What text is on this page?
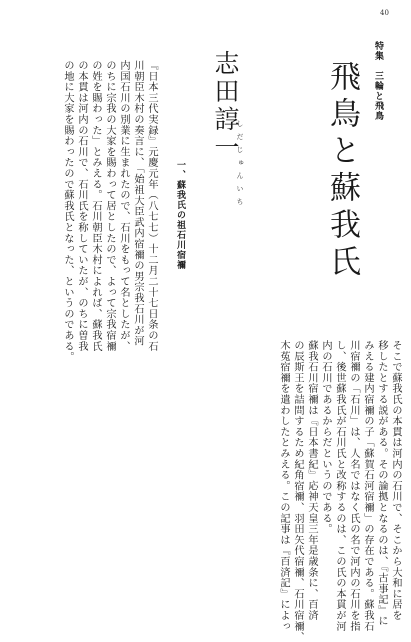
40
特集　三輪と飛鳥
飛鳥と蘇我氏
志田諄一
しだじゅんいち
一、蘇我氏の祖石川宿禰

『日本三代実録』元慶元年（八七七）十二月二十七日条の石

川朝臣木村の奏言に、「始祖大臣武内宿禰の男宗我石川が河

内国石川の別業に生まれたので、石川をもって名としたが、

のちに宗我の大家を賜わって居としたので、よって宗我宿禰

の姓を賜わった」とみえる。石川朝臣木村によれば、蘇我氏

の本貫は河内の石川で、石川氏を称していたが、のちに曽我

の地に大家を賜わったので蘇我氏となった、というのである。

そこで蘇我氏の本貫は河内の石川で、そこから大和に居を

移したとする説がある。その論拠となるのは、『古事記』に

みえる建内宿禰の子「蘇賀石河宿禰」の存在である。蘇我石

川宿禰の「石川」は、人名ではなく氏の名で河内の石川を指

し、後世蘇我氏が石川氏と改称するのは、この氏の本貫が河

内の石川であるからだというのである。

蘇我石川宿禰は『日本書紀』応神天皇三年是歳条に、百済

の辰斯王を詰問するため紀角宿禰、羽田矢代宿禰、石川宿禰、

木菟宿禰を遣わしたとみえる。この記事は『百済記』によっ
